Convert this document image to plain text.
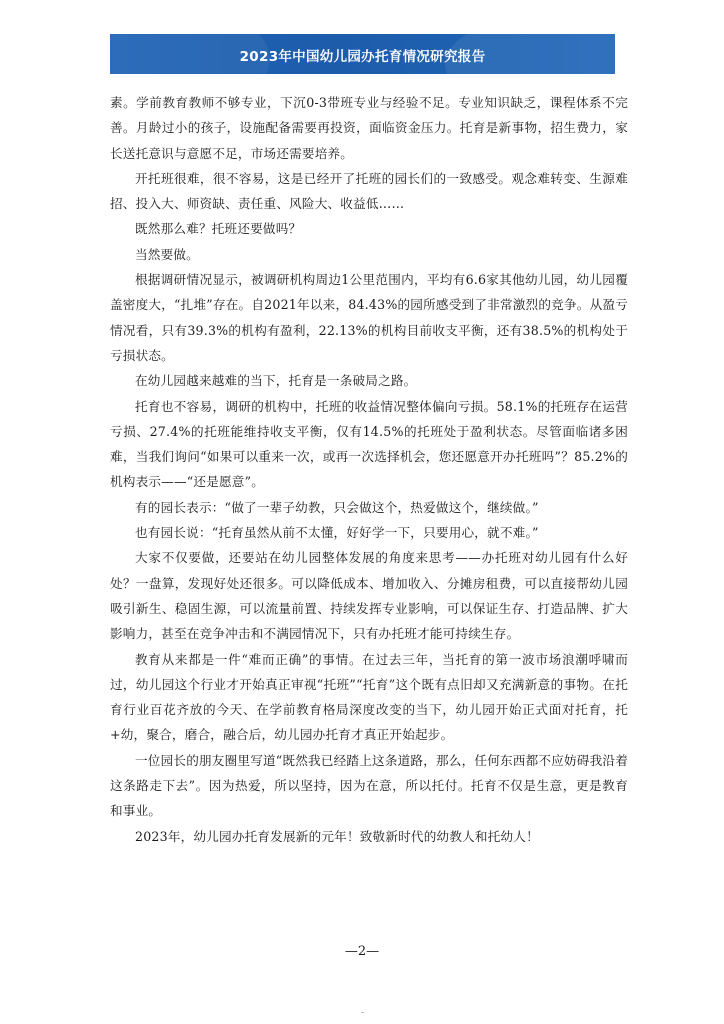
2023年中国幼儿园办托育情况研究报告

素。学前教育教师不够专业，下沉0-3带班专业与经验不足。专业知识缺乏，课程体系不完善。月龄过小的孩子，设施配备需要再投资，面临资金压力。托育是新事物，招生费力，家长送托意识与意愿不足，市场还需要培养。

开托班很难，很不容易，这是已经开了托班的园长们的一致感受。观念难转变、生源难招、投入大、师资缺、责任重、风险大、收益低……

既然那么难？托班还要做吗？

当然要做。

根据调研情况显示，被调研机构周边1公里范围内，平均有6.6家其他幼儿园，幼儿园覆盖密度大，“扎堆”存在。自2021年以来，84.43%的园所感受到了非常激烈的竞争。从盈亏情况看，只有39.3%的机构有盈利，22.13%的机构目前收支平衡，还有38.5%的机构处于亏损状态。

在幼儿园越来越难的当下，托育是一条破局之路。

托育也不容易，调研的机构中，托班的收益情况整体偏向亏损。58.1%的托班存在运营亏损、27.4%的托班能维持收支平衡，仅有14.5%的托班处于盈利状态。尽管面临诸多困难，当我们询问“如果可以重来一次，或再一次选择机会，您还愿意开办托班吗”？85.2%的机构表示——“还是愿意”。

有的园长表示：“做了一辈子幼教，只会做这个，热爱做这个，继续做。”

也有园长说：“托育虽然从前不太懂，好好学一下，只要用心，就不难。”

大家不仅要做，还要站在幼儿园整体发展的角度来思考——办托班对幼儿园有什么好处？一盘算，发现好处还很多。可以降低成本、增加收入、分摊房租费，可以直接帮幼儿园吸引新生、稳固生源，可以流量前置、持续发挥专业影响，可以保证生存、打造品牌、扩大影响力，甚至在竞争冲击和不满园情况下，只有办托班才能可持续生存。

教育从来都是一件“难而正确”的事情。在过去三年，当托育的第一波市场浪潮呼啸而过，幼儿园这个行业才开始真正审视“托班”“托育”这个既有点旧却又充满新意的事物。在托育行业百花齐放的今天、在学前教育格局深度改变的当下，幼儿园开始正式面对托育，托+幼，聚合，磨合，融合后，幼儿园办托育才真正开始起步。

一位园长的朋友圈里写道“既然我已经踏上这条道路，那么，任何东西都不应妨碍我沿着这条路走下去”。因为热爱，所以坚持，因为在意，所以托付。托育不仅是生意，更是教育和事业。

2023年，幼儿园办托育发展新的元年！致敬新时代的幼教人和托幼人！

—2—
